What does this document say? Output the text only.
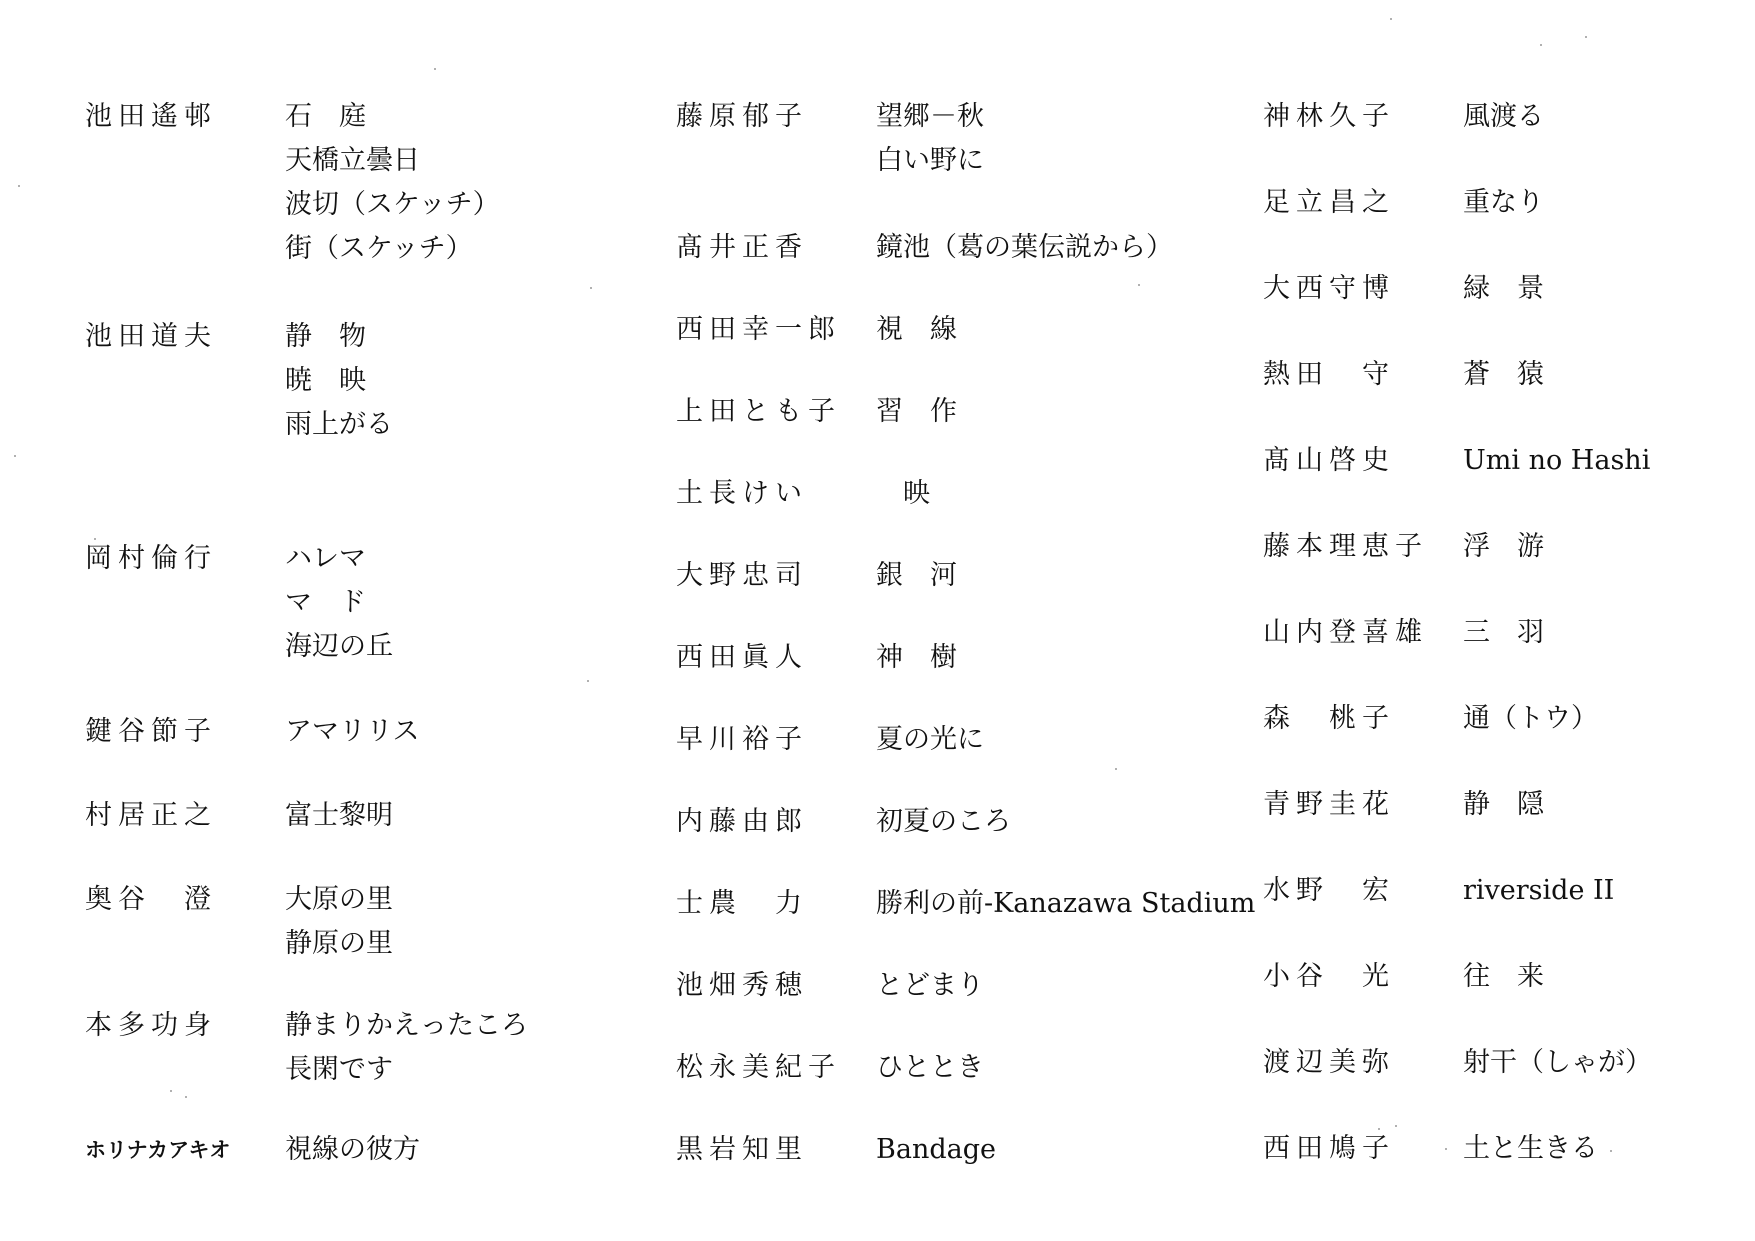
池田遙邨	石　庭
天橋立曇日
波切（スケッチ）
街（スケッチ）
池田道夫	静　物
暁　映
雨上がる
岡村倫行	ハレマ
マ　ド
海辺の丘
鍵谷節子	アマリリス
村居正之	富士黎明
奥谷　澄	大原の里
静原の里
本多功身	静まりかえったころ
長閑です
ホリナカアキオ 視線の彼方
藤原郁子	望郷－秋
白い野に
髙井正香	鏡池（葛の葉伝説から）
西田幸一郎 視　線
上田とも子 習　作
土長けい	　映
大野忠司	銀　河
西田眞人	神　樹
早川裕子	夏の光に
内藤由郎	初夏のころ
士農　力	勝利の前-Kanazawa Stadium
池畑秀穂	とどまり
松永美紀子 ひととき
黒岩知里	Bandage
神林久子	風渡る
足立昌之	重なり
大西守博	緑　景
熱田　守	蒼　猿
髙山啓史	Umi no Hashi
藤本理恵子 浮　游
山内登喜雄 三　羽
森　桃子	通（トウ）
青野圭花	静　隠
水野　宏	riverside II
小谷　光	往　来
渡辺美弥	射干（しゃが）
西田鳩子	土と生きる
